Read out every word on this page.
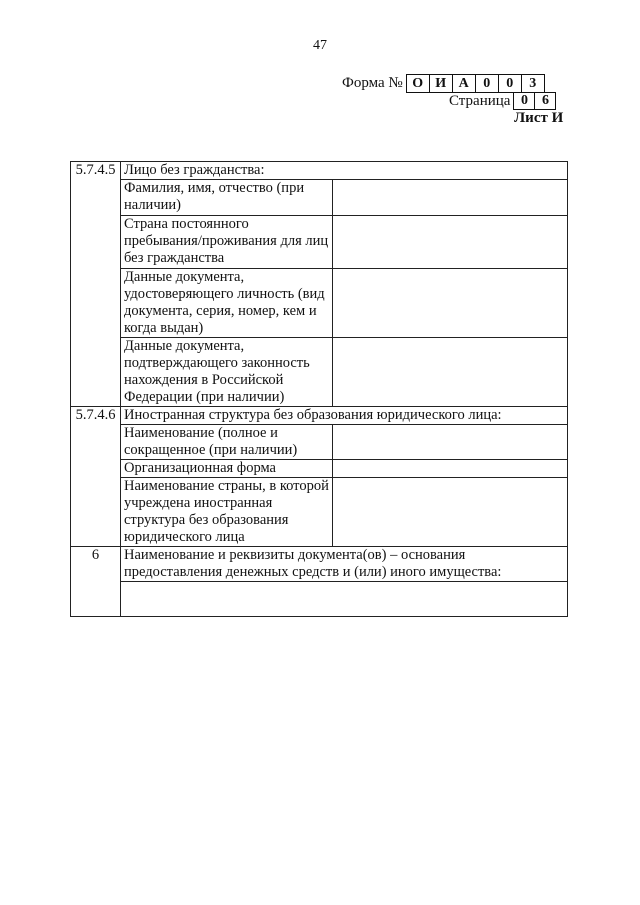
47
Форма № О И А	0	0	3
Страница 0	6
Лист И
5.7.4.5	Лицо без гражданства:	
	Фамилия, имя, отчество (при наличии)	
	Страна постоянного пребывания/проживания для лиц без гражданства	
	Данные документа, удостоверяющего личность (вид документа, серия, номер, кем и когда выдан)	
	Данные документа, подтверждающего законность нахождения в Российской Федерации (при наличии)	
5.7.4.6	Иностранная структура без образования юридического лица:	
	Наименование (полное и сокращенное (при наличии)	
	Организационная форма	
	Наименование страны, в которой учреждена иностранная структура без образования юридического лица	
6	Наименование и реквизиты документа(ов) – основания предоставления денежных средств и (или) иного имущества:	
